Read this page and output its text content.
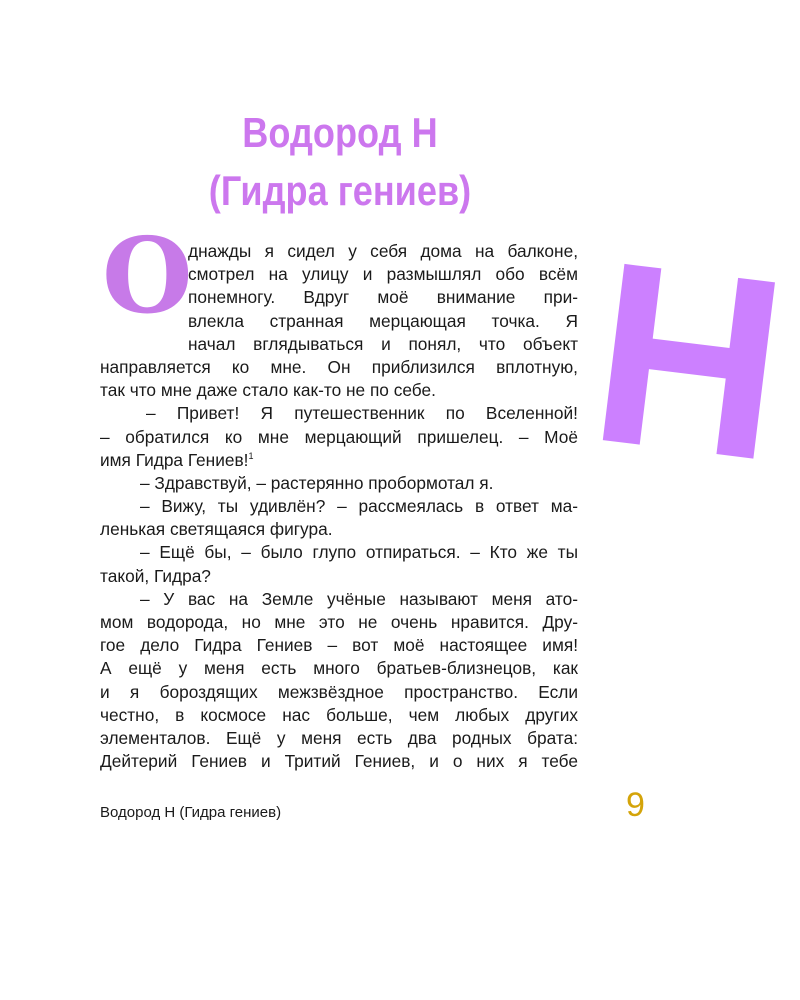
Водород Н
(Гидра гениев)
H
О
днажды я сидел у себя дома на балконе,
смотрел на улицу и размышлял обо всём
понемногу. Вдруг моё внимание при-
влекла странная мерцающая точка. Я
начал вглядываться и понял, что объект
направляется ко мне. Он приблизился вплотную,
так что мне даже стало как-то не по себе.
– Привет! Я путешественник по Вселенной!
– обратился ко мне мерцающий пришелец. – Моё
имя Гидра Гениев!$^1$
– Здравствуй, – растерянно пробормотал я.
– Вижу, ты удивлён? – рассмеялась в ответ ма-
ленькая светящаяся фигура.
– Ещё бы, – было глупо отпираться. – Кто же ты
такой, Гидра?
– У вас на Земле учёные называют меня ато-
мом водорода, но мне это не очень нравится. Дру-
гое дело Гидра Гениев – вот моё настоящее имя!
А ещё у меня есть много братьев-близнецов, как
и я бороздящих межзвёздное пространство. Если
честно, в космосе нас больше, чем любых других
элементалов. Ещё у меня есть два родных брата:
Дейтерий Гениев и Тритий Гениев, и о них я тебе
Водород Н (Гидра гениев)	9
